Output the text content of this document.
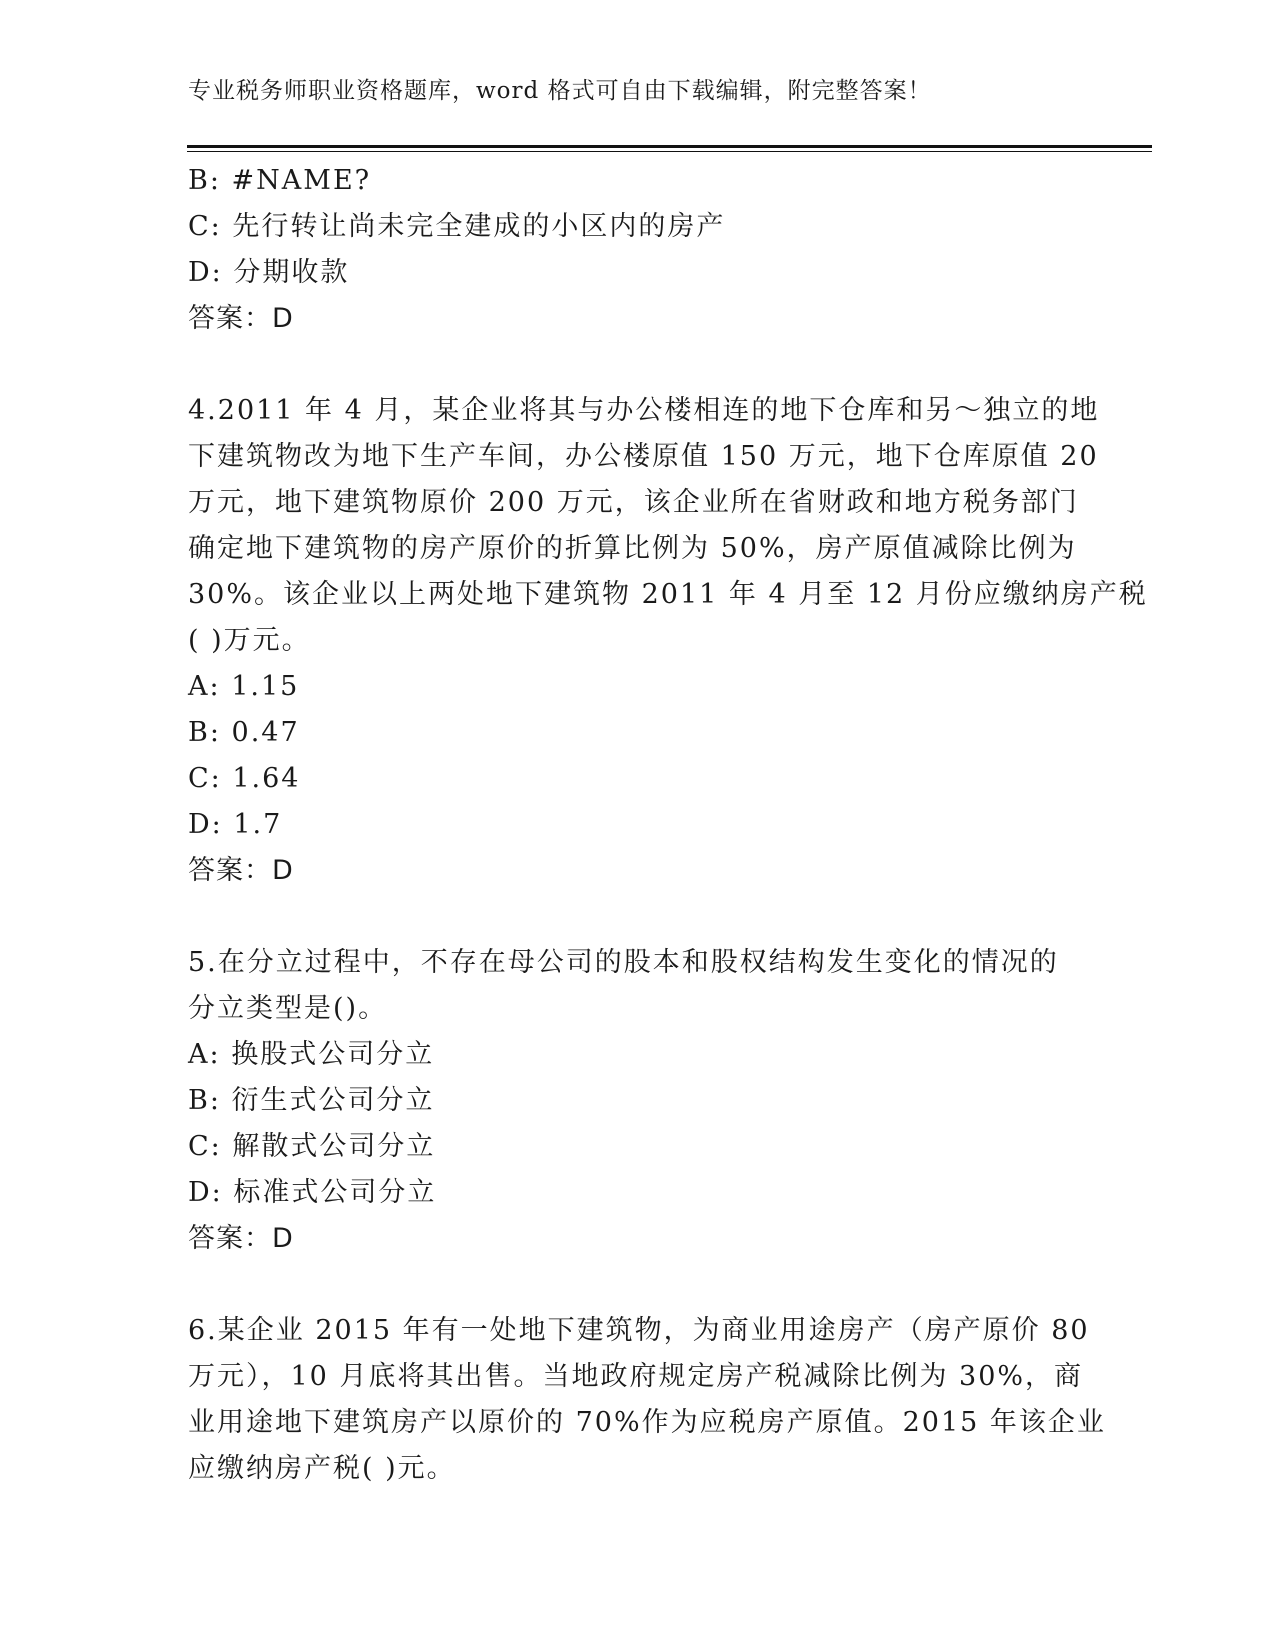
专业税务师职业资格题库，word 格式可自由下载编辑，附完整答案！
B: #NAME?
C: 先行转让尚未完全建成的小区内的房产
D: 分期收款
答案：D
4.2011 年 4 月，某企业将其与办公楼相连的地下仓库和另～独立的地
下建筑物改为地下生产车间，办公楼原值 150 万元，地下仓库原值 20
万元，地下建筑物原价 200 万元，该企业所在省财政和地方税务部门
确定地下建筑物的房产原价的折算比例为 50%，房产原值减除比例为
30%。该企业以上两处地下建筑物 2011 年 4 月至 12 月份应缴纳房产税
( )万元。
A: 1.15
B: 0.47
C: 1.64
D: 1.7
答案：D
5.在分立过程中，不存在母公司的股本和股权结构发生变化的情况的
分立类型是()。
A: 换股式公司分立
B: 衍生式公司分立
C: 解散式公司分立
D: 标准式公司分立
答案：D
6.某企业 2015 年有一处地下建筑物，为商业用途房产（房产原价 80
万元），10 月底将其出售。当地政府规定房产税减除比例为 30%，商
业用途地下建筑房产以原价的 70%作为应税房产原值。2015 年该企业
应缴纳房产税( )元。
